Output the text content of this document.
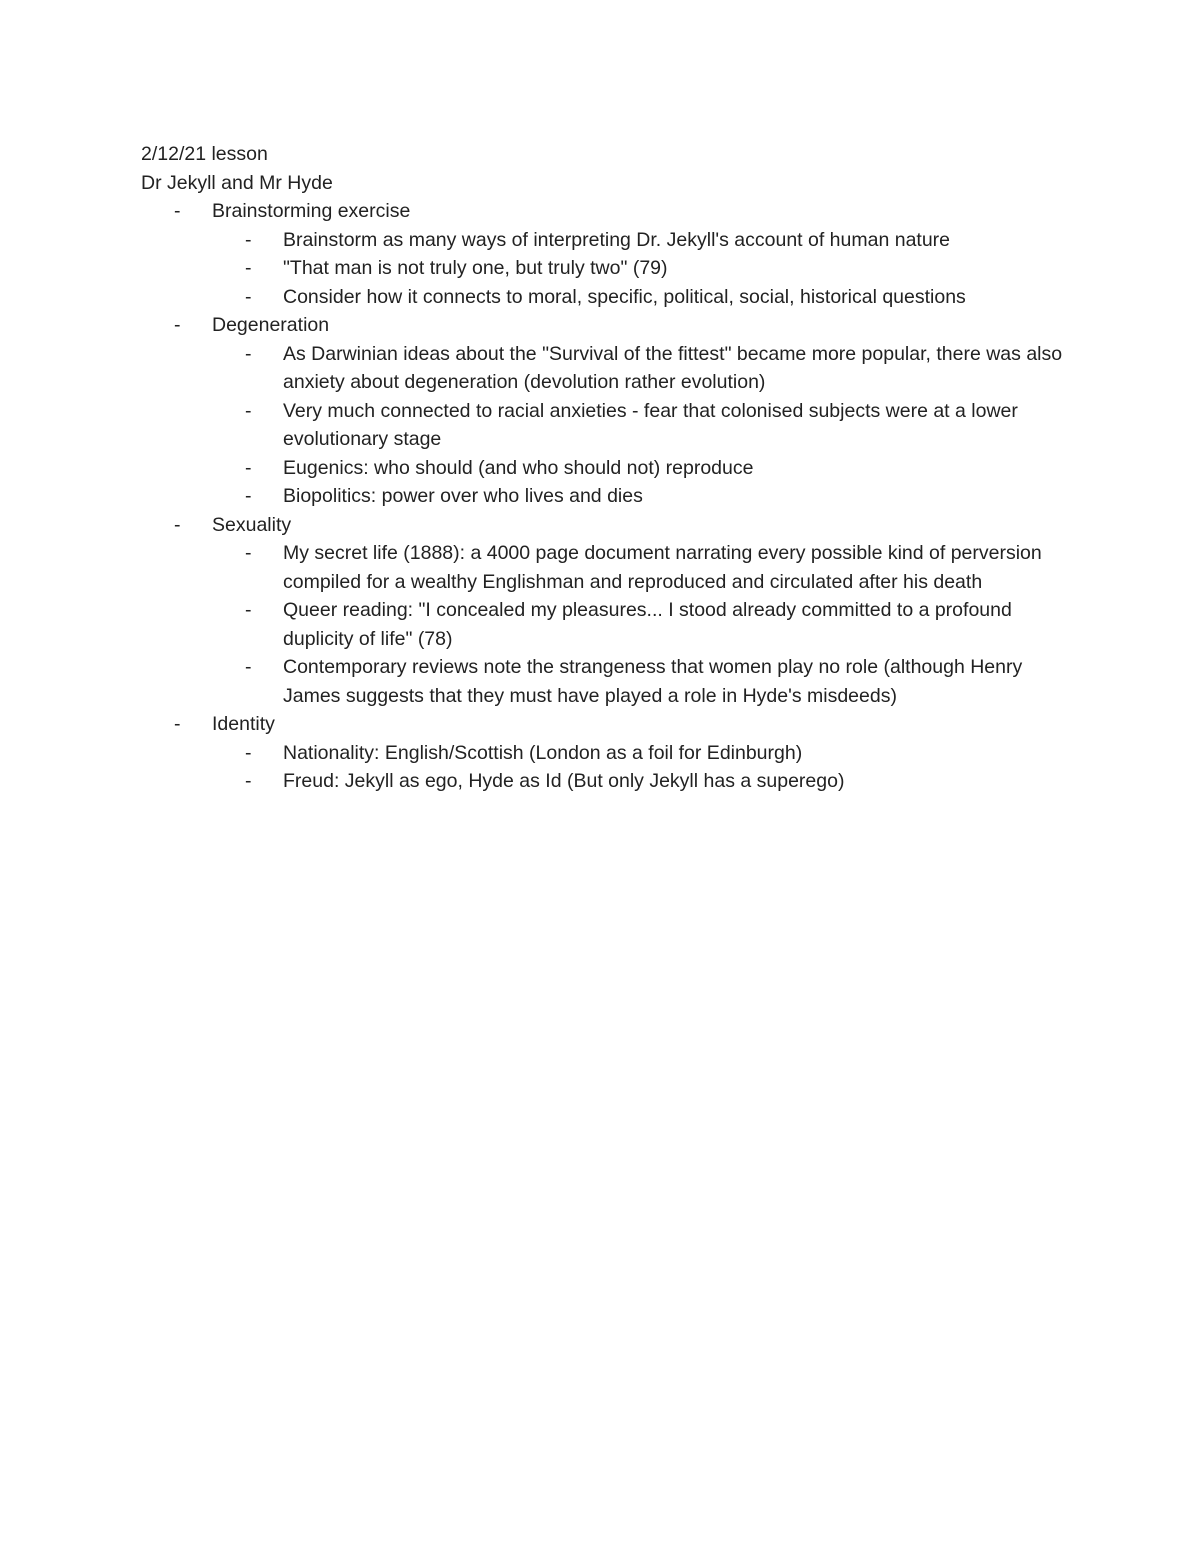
2/12/21 lesson

Dr Jekyll and Mr Hyde

-	Brainstorming exercise
-	Brainstorm as many ways of interpreting Dr. Jekyll's account of human nature
-	"That man is not truly one, but truly two" (79)
-	Consider how it connects to moral, specific, political, social, historical questions
-	Degeneration
-	As Darwinian ideas about the "Survival of the fittest" became more popular, there was also anxiety about degeneration (devolution rather evolution)
-	Very much connected to racial anxieties - fear that colonised subjects were at a lower evolutionary stage
-	Eugenics: who should (and who should not) reproduce
-	Biopolitics: power over who lives and dies
-	Sexuality
-	My secret life (1888): a 4000 page document narrating every possible kind of perversion compiled for a wealthy Englishman and reproduced and circulated after his death
-	Queer reading: "I concealed my pleasures... I stood already committed to a profound duplicity of life" (78)
-	Contemporary reviews note the strangeness that women play no role (although Henry James suggests that they must have played a role in Hyde's misdeeds)
-	Identity
-	Nationality: English/Scottish (London as a foil for Edinburgh)
-	Freud: Jekyll as ego, Hyde as Id (But only Jekyll has a superego)
